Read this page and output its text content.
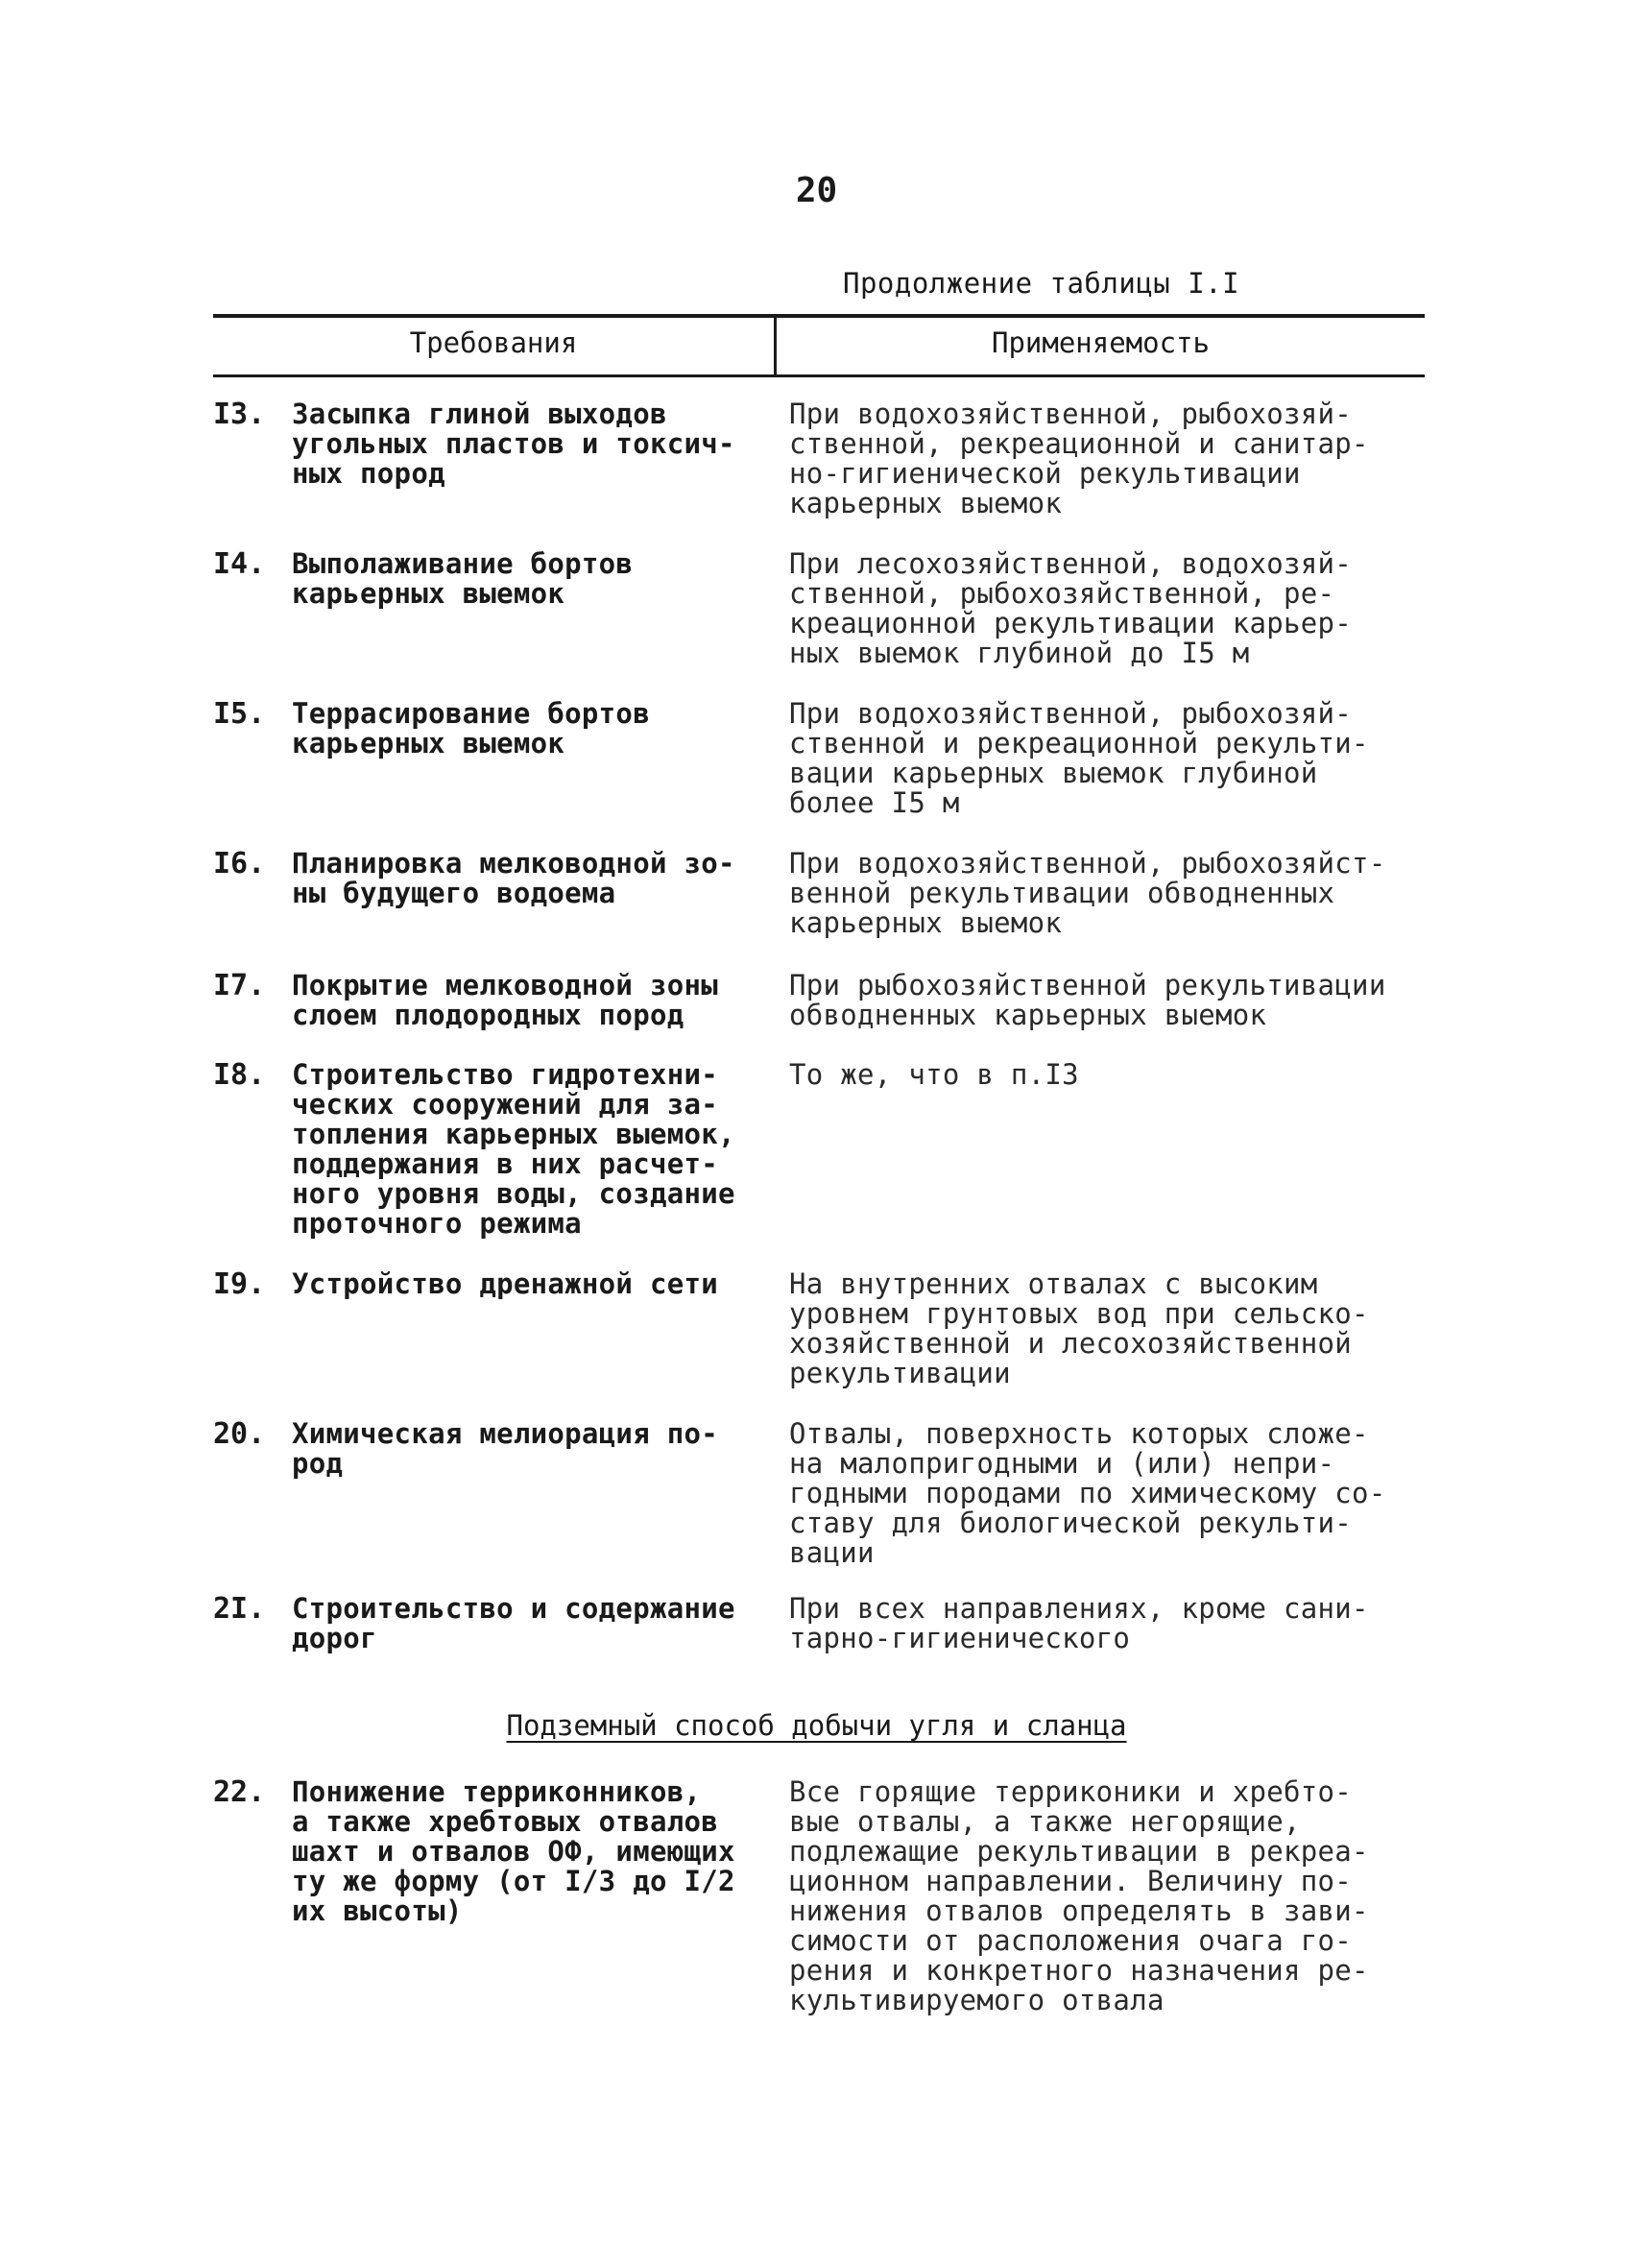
20
Продолжение таблицы I.I
Требования	Применяемость
I3. Засыпка глиной выходов
угольных пластов и токсич-
ных пород
При водохозяйственной, рыбохозяй-
ственной, рекреационной и санитар-
но-гигиенической рекультивации
карьерных выемок
I4. Выполаживание бортов
карьерных выемок
При лесохозяйственной, водохозяй-
ственной, рыбохозяйственной, ре-
креационной рекультивации карьер-
ных выемок глубиной до I5 м
I5. Террасирование бортов
карьерных выемок
При водохозяйственной, рыбохозяй-
ственной и рекреационной рекульти-
вации карьерных выемок глубиной
более I5 м
I6. Планировка мелководной зо-
ны будущего водоема
При водохозяйственной, рыбохозяйст-
венной рекультивации обводненных
карьерных выемок
I7. Покрытие мелководной зоны
слоем плодородных пород
При рыбохозяйственной рекультивации
обводненных карьерных выемок
I8. Строительство гидротехни-
ческих сооружений для за-
топления карьерных выемок,
поддержания в них расчет-
ного уровня воды, создание
проточного режима
То же, что в п.I3
I9. Устройство дренажной сети	На внутренних отвалах с высоким
уровнем грунтовых вод при сельско-
хозяйственной и лесохозяйственной
рекультивации
20. Химическая мелиорация по-
род
Отвалы, поверхность которых сложе-
на малопригодными и (или) непри-
годными породами по химическому со-
ставу для биологической рекульти-
вации
2I. Строительство и содержание
дорог
При всех направлениях, кроме сани-
тарно-гигиенического
Подземный способ добычи угля и сланца
22. Понижение терриконников,
а также хребтовых отвалов
шахт и отвалов ОФ, имеющих
ту же форму (от I/3 до I/2
их высоты)
Все горящие терриконики и хребто-
вые отвалы, а также негорящие,
подлежащие рекультивации в рекреа-
ционном направлении. Величину по-
нижения отвалов определять в зави-
симости от расположения очага го-
рения и конкретного назначения ре-
культивируемого отвала
